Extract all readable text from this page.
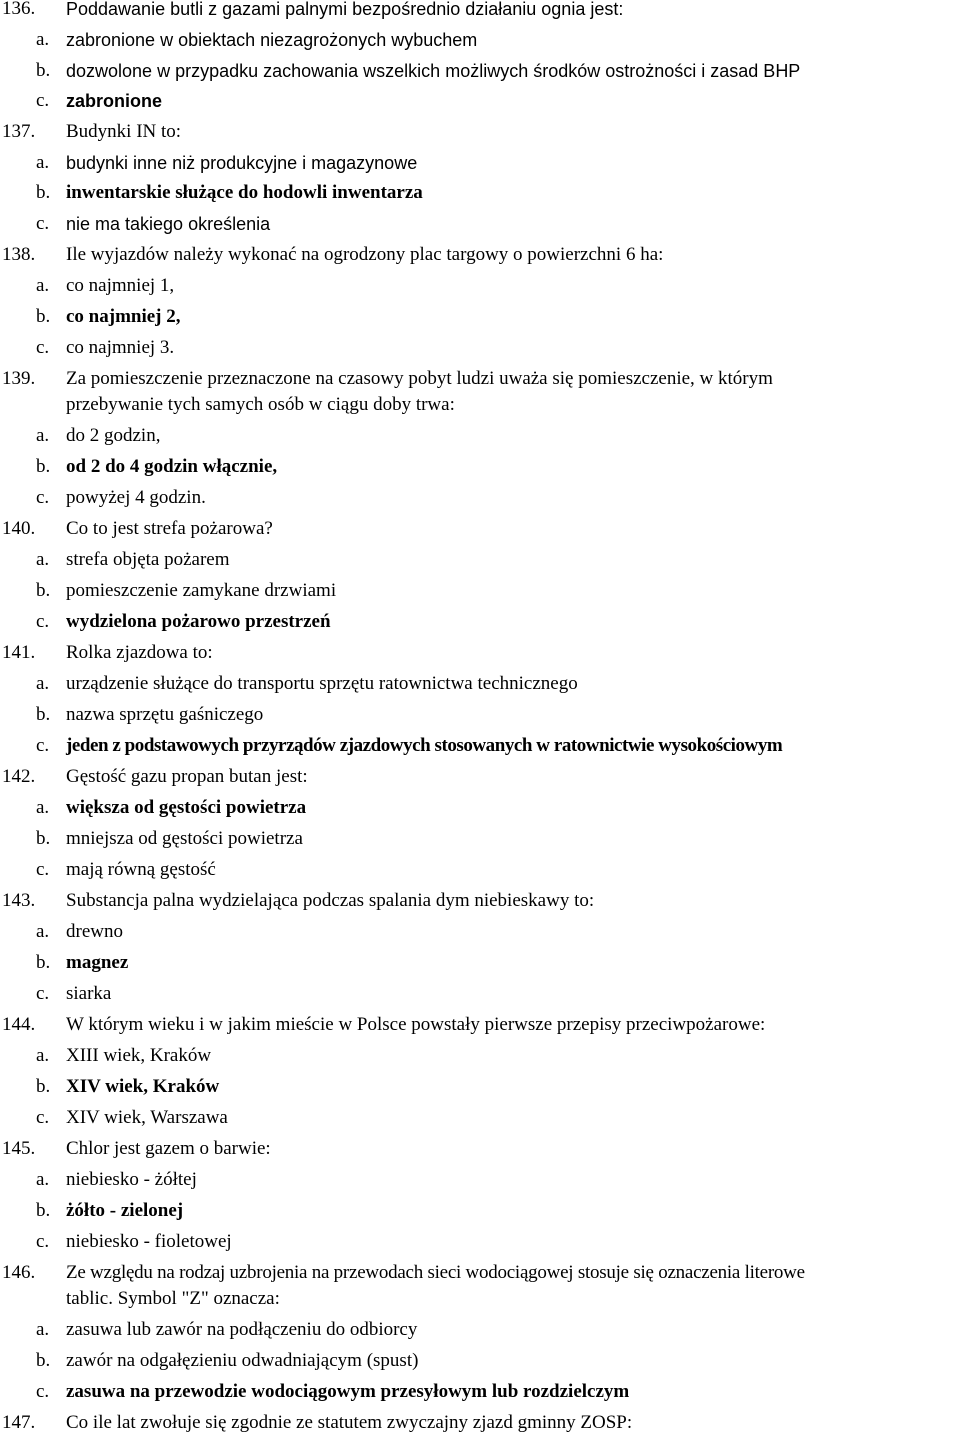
136. Poddawanie butli z gazami palnymi bezpośrednio działaniu ognia jest:
a. zabronione w obiektach niezagrożonych wybuchem
b. dozwolone w przypadku zachowania wszelkich możliwych środków ostrożności i zasad BHP
c. zabronione
137. Budynki IN to:
a. budynki inne niż produkcyjne i magazynowe
b. inwentarskie służące do hodowli inwentarza
c. nie ma takiego określenia
138. Ile wyjazdów należy wykonać na ogrodzony plac targowy o powierzchni 6 ha:
a. co najmniej 1,
b. co najmniej 2,
c. co najmniej 3.
139. Za pomieszczenie przeznaczone na czasowy pobyt ludzi uważa się pomieszczenie, w którym
przebywanie tych samych osób w ciągu doby trwa:
a. do 2 godzin,
b. od 2 do 4 godzin włącznie,
c. powyżej 4 godzin.
140. Co to jest strefa pożarowa?
a. strefa objęta pożarem
b. pomieszczenie zamykane drzwiami
c. wydzielona pożarowo przestrzeń
141. Rolka zjazdowa to:
a. urządzenie służące do transportu sprzętu ratownictwa technicznego
b. nazwa sprzętu gaśniczego
c. jeden z podstawowych przyrządów zjazdowych stosowanych w ratownictwie wysokościowym
142. Gęstość gazu propan butan jest:
a. większa od gęstości powietrza
b. mniejsza od gęstości powietrza
c. mają równą gęstość
143. Substancja palna wydzielająca podczas spalania dym niebieskawy to:
a. drewno
b. magnez
c. siarka
144. W którym wieku i w jakim mieście w Polsce powstały pierwsze przepisy przeciwpożarowe:
a. XIII wiek, Kraków
b. XIV wiek, Kraków
c. XIV wiek, Warszawa
145. Chlor jest gazem o barwie:
a. niebiesko - żółtej
b. żółto - zielonej
c. niebiesko - fioletowej
146. Ze względu na rodzaj uzbrojenia na przewodach sieci wodociągowej stosuje się oznaczenia literowe
tablic. Symbol "Z" oznacza:
a. zasuwa lub zawór na podłączeniu do odbiorcy
b. zawór na odgałęzieniu odwadniającym (spust)
c. zasuwa na przewodzie wodociągowym przesyłowym lub rozdzielczym
147. Co ile lat zwołuje się zgodnie ze statutem zwyczajny zjazd gminny ZOSP:
